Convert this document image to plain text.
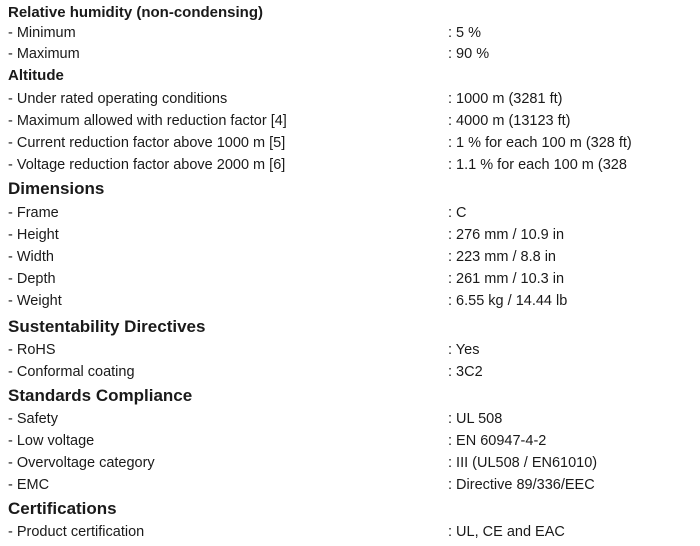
Relative humidity (non-condensing)
- Minimum	: 5 %
- Maximum	: 90 %
Altitude
- Under rated operating conditions	: 1000 m (3281 ft)
- Maximum allowed with reduction factor [4]	: 4000 m (13123 ft)
- Current reduction factor above 1000 m [5]	: 1 % for each 100 m (328 ft)
- Voltage reduction factor above 2000 m [6]	: 1.1 % for each 100 m (328
Dimensions
- Frame	: C
- Height	: 276 mm / 10.9 in
- Width	: 223 mm / 8.8 in
- Depth	: 261 mm / 10.3 in
- Weight	: 6.55 kg / 14.44 lb
Sustentability Directives
- RoHS	: Yes
- Conformal coating	: 3C2
Standards Compliance
- Safety	: UL 508
- Low voltage	: EN 60947-4-2
- Overvoltage category	: III (UL508 / EN61010)
- EMC	: Directive 89/336/EEC
Certifications
- Product certification	: UL, CE and EAC
